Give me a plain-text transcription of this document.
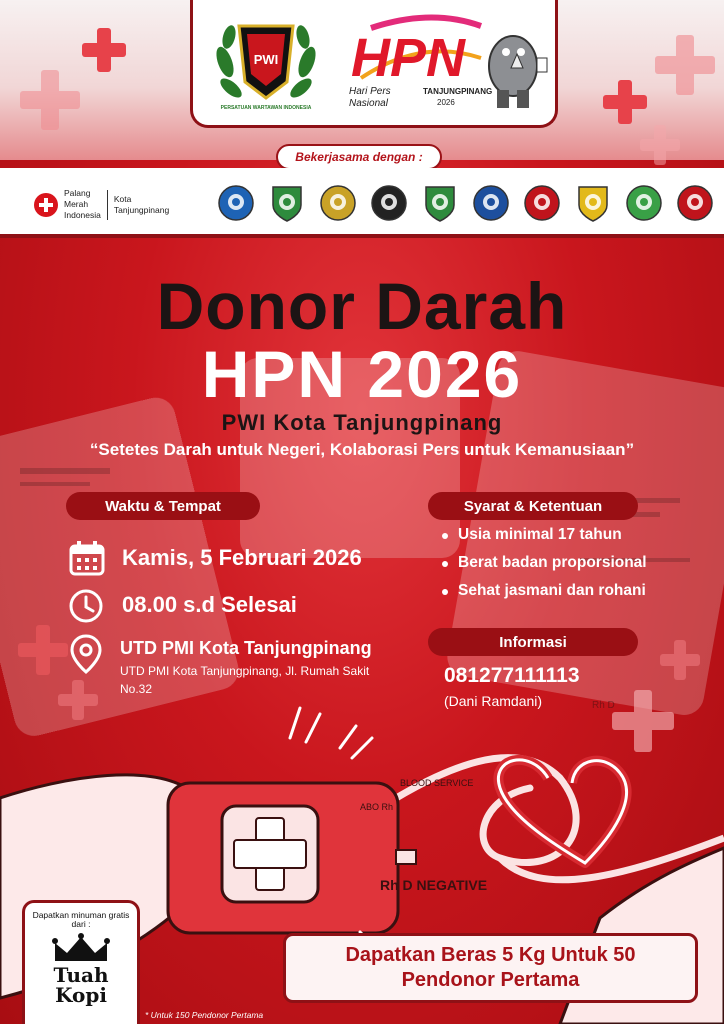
BLOOD SERVICE
Rh D NEGATIVE
ABO Rh
Rh D
PWI
PERSATUAN WARTAWAN INDONESIA
HPN
Hari Pers
Nasional
TANJUNGPINANG
2026
Bekerjasama dengan :
Palang
Merah
Indonesia
Kota
Tanjungpinang
Donor Darah
HPN 2026
PWI Kota Tanjungpinang
“Setetes Darah untuk Negeri, Kolaborasi Pers untuk Kemanusiaan”
Waktu & Tempat
Kamis, 5 Februari 2026
08.00 s.d Selesai
UTD PMI Kota Tanjungpinang
UTD PMI Kota Tanjungpinang, Jl. Rumah Sakit No.32
Syarat & Ketentuan
Usia minimal 17 tahun
Berat badan proporsional
Sehat jasmani dan rohani
Informasi
081277111113
(Dani Ramdani)
Dapatkan Beras 5 Kg Untuk 50
Pendonor Pertama
Dapatkan minuman gratis dari :
Tuah
Kopi
* Untuk 150 Pendonor Pertama
